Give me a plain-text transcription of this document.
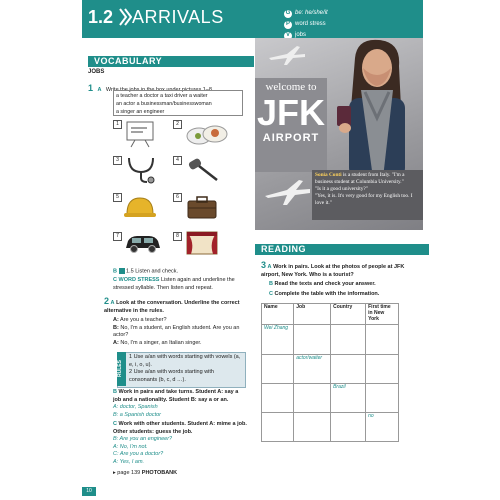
1.2 ARRIVALS	G be: he/she/it
P word stress
V jobs
welcome to
JFK
AIRPORT
Sonia Conti is a student from Italy. "I'm a business student at Columbia University."
"Is it a good university?"
"Yes, it is. It's very good for my English too. I love it."
VOCABULARY
JOBS
1 A Write the jobs in the box under pictures 1–8.
a teacher a doctor a taxi driver a waiter
an actor a businessman/businesswoman
a singer an engineer
1	2
3	4
5	6
7	8
B 1.5 Listen and check.
C WORD STRESS Listen again and underline the stressed syllable. Then listen and repeat.
2 A Look at the conversation. Underline the correct alternative in the rules.
A: Are you a teacher?
B: No, I'm a student, an English student. Are you an actor?
A: No, I'm a singer, an Italian singer.
RULES
1 Use a/an with words starting with vowels (a, e, i, o, u).
2 Use a/an with words starting with consonants (b, c, d …).
B Work in pairs and take turns. Student A: say a job and a nationality. Student B: say a or an.
A: doctor, Spanish
B: a Spanish doctor
C Work with other students. Student A: mime a job. Other students: guess the job.
B: Are you an engineer?
A: No, I'm not.
C: Are you a doctor?
A: Yes, I am.
▸ page 139 PHOTOBANK
READING
3 A Work in pairs. Look at the photos of people at JFK airport, New York. Who is a tourist?
B Read the texts and check your answer.
C Complete the table with the information.
Name	Job	Country	First time in New York
Wei Zhang			
	actor/waiter		
		Brazil	
			no
10
